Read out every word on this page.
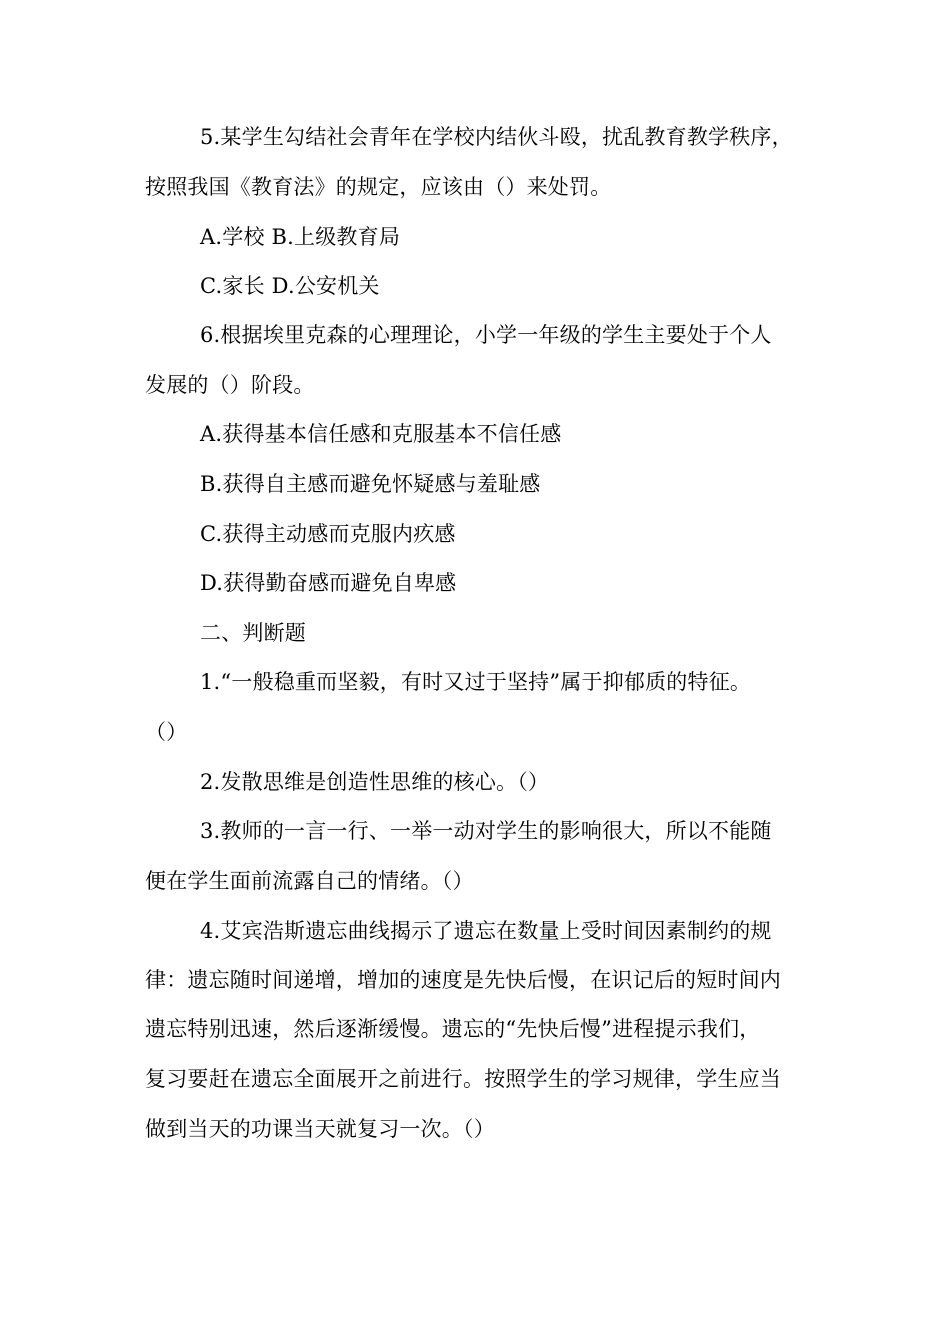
5.某学生勾结社会青年在学校内结伙斗殴，扰乱教育教学秩序，
按照我国《教育法》的规定，应该由（）来处罚。
A.学校 B.上级教育局
C.家长 D.公安机关
6.根据埃里克森的心理理论，小学一年级的学生主要处于个人
发展的（）阶段。
A.获得基本信任感和克服基本不信任感
B.获得自主感而避免怀疑感与羞耻感
C.获得主动感而克服内疚感
D.获得勤奋感而避免自卑感
二、判断题
1.“一般稳重而坚毅，有时又过于坚持”属于抑郁质的特征。
（）
2.发散思维是创造性思维的核心。（）
3.教师的一言一行、一举一动对学生的影响很大，所以不能随
便在学生面前流露自己的情绪。（）
4.艾宾浩斯遗忘曲线揭示了遗忘在数量上受时间因素制约的规
律：遗忘随时间递增，增加的速度是先快后慢，在识记后的短时间内
遗忘特别迅速，然后逐渐缓慢。遗忘的“先快后慢”进程提示我们，
复习要赶在遗忘全面展开之前进行。按照学生的学习规律，学生应当
做到当天的功课当天就复习一次。（）
